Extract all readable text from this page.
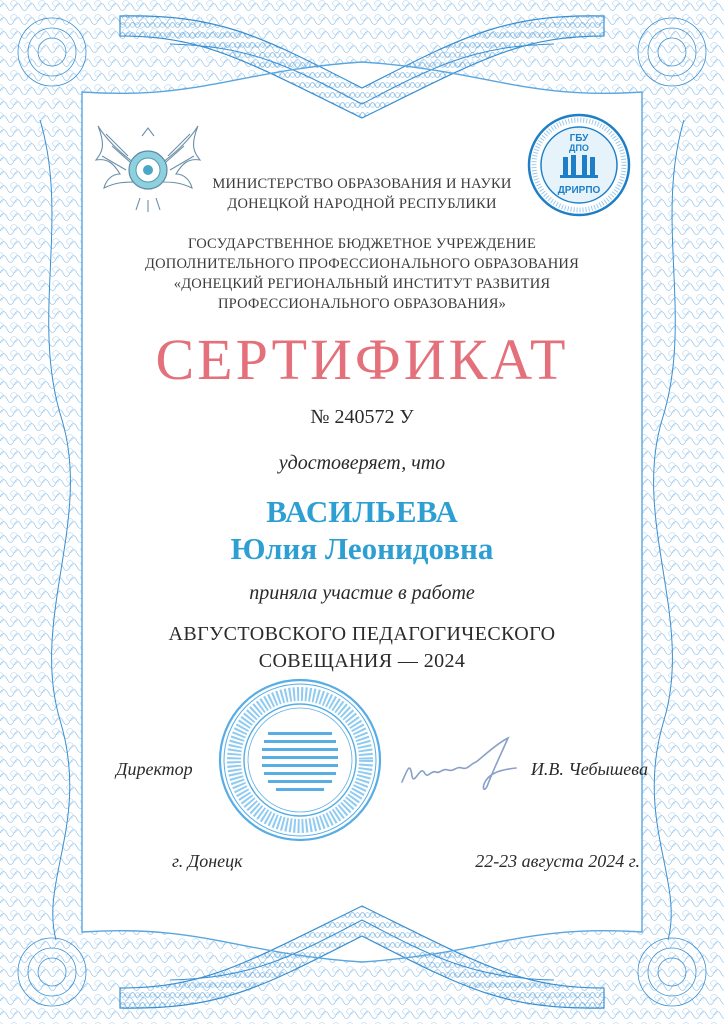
ГБУ
ДПО
ДРИРПО
МИНИСТЕРСТВО ОБРАЗОВАНИЯ И НАУКИ
ДОНЕЦКОЙ НАРОДНОЙ РЕСПУБЛИКИ
ГОСУДАРСТВЕННОЕ БЮДЖЕТНОЕ УЧРЕЖДЕНИЕ
ДОПОЛНИТЕЛЬНОГО ПРОФЕССИОНАЛЬНОГО ОБРАЗОВАНИЯ
«ДОНЕЦКИЙ РЕГИОНАЛЬНЫЙ ИНСТИТУТ РАЗВИТИЯ
ПРОФЕССИОНАЛЬНОГО ОБРАЗОВАНИЯ»
СЕРТИФИКАТ
№ 240572 У
удостоверяет, что
ВАСИЛЬЕВА
Юлия Леонидовна
приняла участие в работе
АВГУСТОВСКОГО ПЕДАГОГИЧЕСКОГО
СОВЕЩАНИЯ — 2024
Директор	И.В. Чебышева
г. Донецк	22-23 августа 2024 г.
